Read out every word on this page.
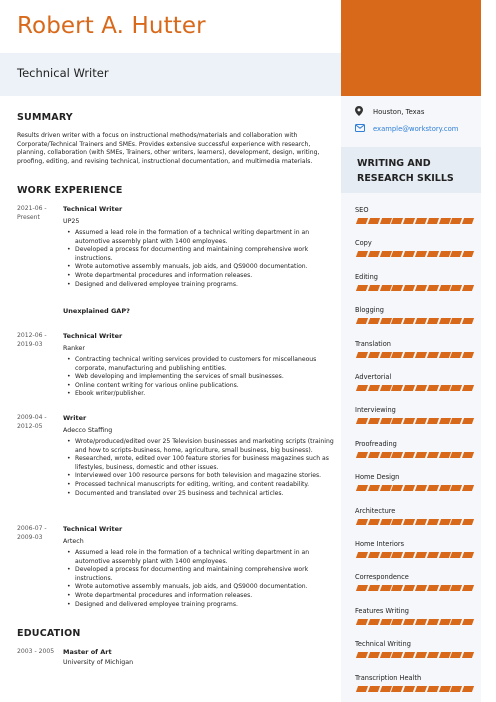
Robert A. Hutter
Technical Writer
SUMMARY
Results driven writer with a focus on instructional methods/materials and collaboration with
Corporate/Technical Trainers and SMEs. Provides extensive successful experience with research,
planning, collaboration (with SMEs, Trainers, other writers, learners), development, design, writing,
proofing, editing, and revising technical, instructional documentation, and multimedia materials.
WORK EXPERIENCE
2021-06 -
Present
Technical Writer
UP25
• Assumed a lead role in the formation of a technical writing department in an automotive assembly plant with 1400 employees.
• Developed a process for documenting and maintaining comprehensive work instructions.
• Wrote automotive assembly manuals, job aids, and QS9000 documentation.
• Wrote departmental procedures and information releases.
• Designed and delivered employee training programs.
Unexplained GAP?
2012-06 -
2019-03
Technical Writer
Ranker
• Contracting technical writing services provided to customers for miscellaneous corporate, manufacturing and publishing entities.
• Web developing and implementing the services of small businesses.
• Online content writing for various online publications.
• Ebook writer/publisher.
2009-04 -
2012-05
Writer
Adecco Staffing
• Wrote/produced/edited over 25 Television businesses and marketing scripts (training and how to scripts-business, home, agriculture, small business, big business).
• Researched, wrote, edited over 100 feature stories for business magazines such as lifestyles, business, domestic and other issues.
• Interviewed over 100 resource persons for both television and magazine stories.
• Processed technical manuscripts for editing, writing, and content readability.
• Documented and translated over 25 business and technical articles.
2006-07 -
2009-03
Technical Writer
Artech
• Assumed a lead role in the formation of a technical writing department in an automotive assembly plant with 1400 employees.
• Developed a process for documenting and maintaining comprehensive work instructions.
• Wrote automotive assembly manuals, job aids, and QS9000 documentation.
• Wrote departmental procedures and information releases.
• Designed and delivered employee training programs.
EDUCATION
2003 - 2005	Master of Art
University of Michigan
Houston, Texas
example@workstory.com
WRITING AND
RESEARCH SKILLS
SEO
Copy
Editing
Blogging
Translation
Advertorial
Interviewing
Proofreading
Home Design
Architecture
Home Interiors
Correspondence
Features Writing
Technical Writing
Transcription Health
